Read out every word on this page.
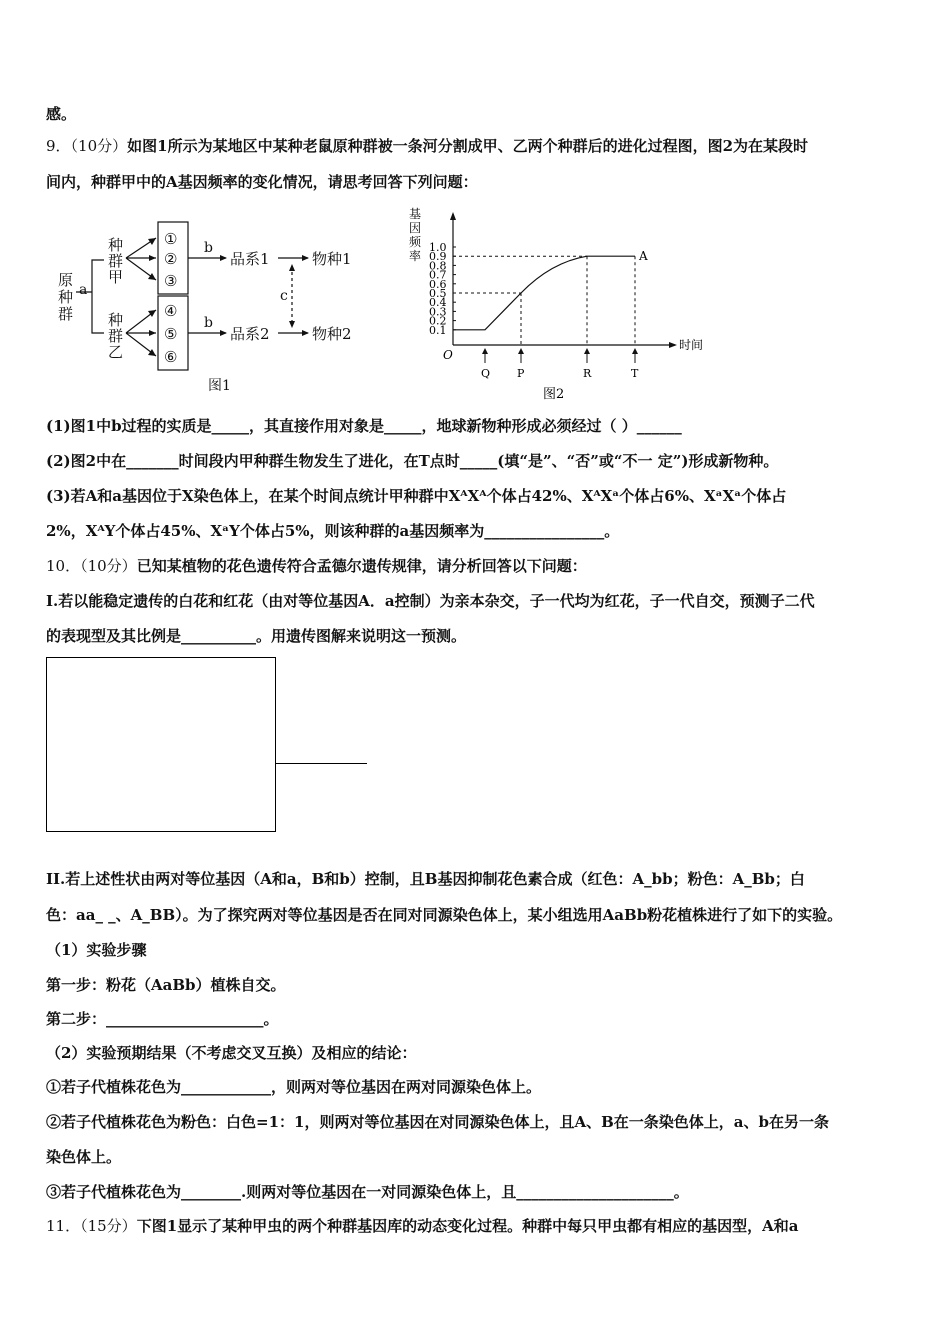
感。
9．（10分）如图1所示为某地区中某种老鼠原种群被一条河分割成甲、乙两个种群后的进化过程图，图2为在某段时
间内，种群甲中的A基因频率的变化情况，请思考回答下列问题：
原
种
群
a
种
群
甲
种
群
乙
①
②
③
④
⑤
⑥
b
b
品系1
品系2
物种1
物种2
c
图1
基
因
频
率
时间
O
1.0
0.9
0.8
0.7
0.6
0.5
0.4
0.3
0.2
0.1
Q P	R	T
A
图2
(1)图1中b过程的实质是_____，其直接作用对象是_____，地球新物种形成必须经过（ ）______
(2)图2中在_______时间段内甲种群生物发生了进化，在T点时_____(填“是”、“否”或“不一 定”)形成新物种。
(3)若A和a基因位于X染色体上，在某个时间点统计甲种群中XᴬXᴬ个体占42%、XᴬXᵃ个体占6%、XᵃXᵃ个体占
2%，XᴬY个体占45%、XᵃY个体占5%，则该种群的a基因频率为________________。
10．（10分）已知某植物的花色遗传符合孟德尔遗传规律，请分析回答以下问题：
I.若以能稳定遗传的白花和红花（由对等位基因A．a控制）为亲本杂交，子一代均为红花，子一代自交，预测子二代
的表现型及其比例是__________。用遗传图解来说明这一预测。
II.若上述性状由两对等位基因（A和a，B和b）控制，且B基因抑制花色素合成（红色：A_bb；粉色：A_Bb；白
色：aa_ _、A_BB）。为了探究两对等位基因是否在同对同源染色体上，某小组选用AaBb粉花植株进行了如下的实验。
（1）实验步骤
第一步：粉花（AaBb）植株自交。
第二步：_____________________。
（2）实验预期结果（不考虑交叉互换）及相应的结论：
①若子代植株花色为____________，则两对等位基因在两对同源染色体上。
②若子代植株花色为粉色：白色=1：1，则两对等位基因在对同源染色体上，且A、B在一条染色体上，a、b在另一条
染色体上。
③若子代植株花色为________.则两对等位基因在一对同源染色体上，且_____________________。
11．（15分）下图1显示了某种甲虫的两个种群基因库的动态变化过程。种群中每只甲虫都有相应的基因型，A和a
